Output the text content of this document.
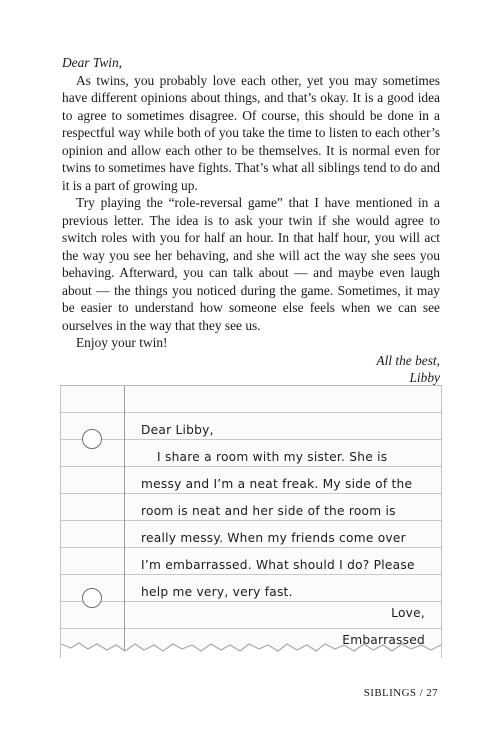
Dear Twin,

As twins, you probably love each other, yet you may sometimes have different opinions about things, and that’s okay. It is a good idea to agree to sometimes disagree. Of course, this should be done in a respectful way while both of you take the time to listen to each other’s opinion and allow each other to be themselves. It is normal even for twins to sometimes have fights. That’s what all siblings tend to do and it is a part of growing up.

Try playing the “role-reversal game” that I have mentioned in a previous letter. The idea is to ask your twin if she would agree to switch roles with you for half an hour. In that half hour, you will act the way you see her behaving, and she will act the way she sees you behaving. Afterward, you can talk about — and maybe even laugh about — the things you noticed during the game. Sometimes, it may be easier to understand how someone else feels when we can see ourselves in the way that they see us.

Enjoy your twin!

All the best,
Libby
Dear Libby,
I share a room with my sister. She is
messy and I’m a neat freak. My side of the
room is neat and her side of the room is
really messy. When my friends come over
I’m embarrassed. What should I do? Please
help me very, very fast.
Love,
Embarrassed
SIBLINGS / 27
